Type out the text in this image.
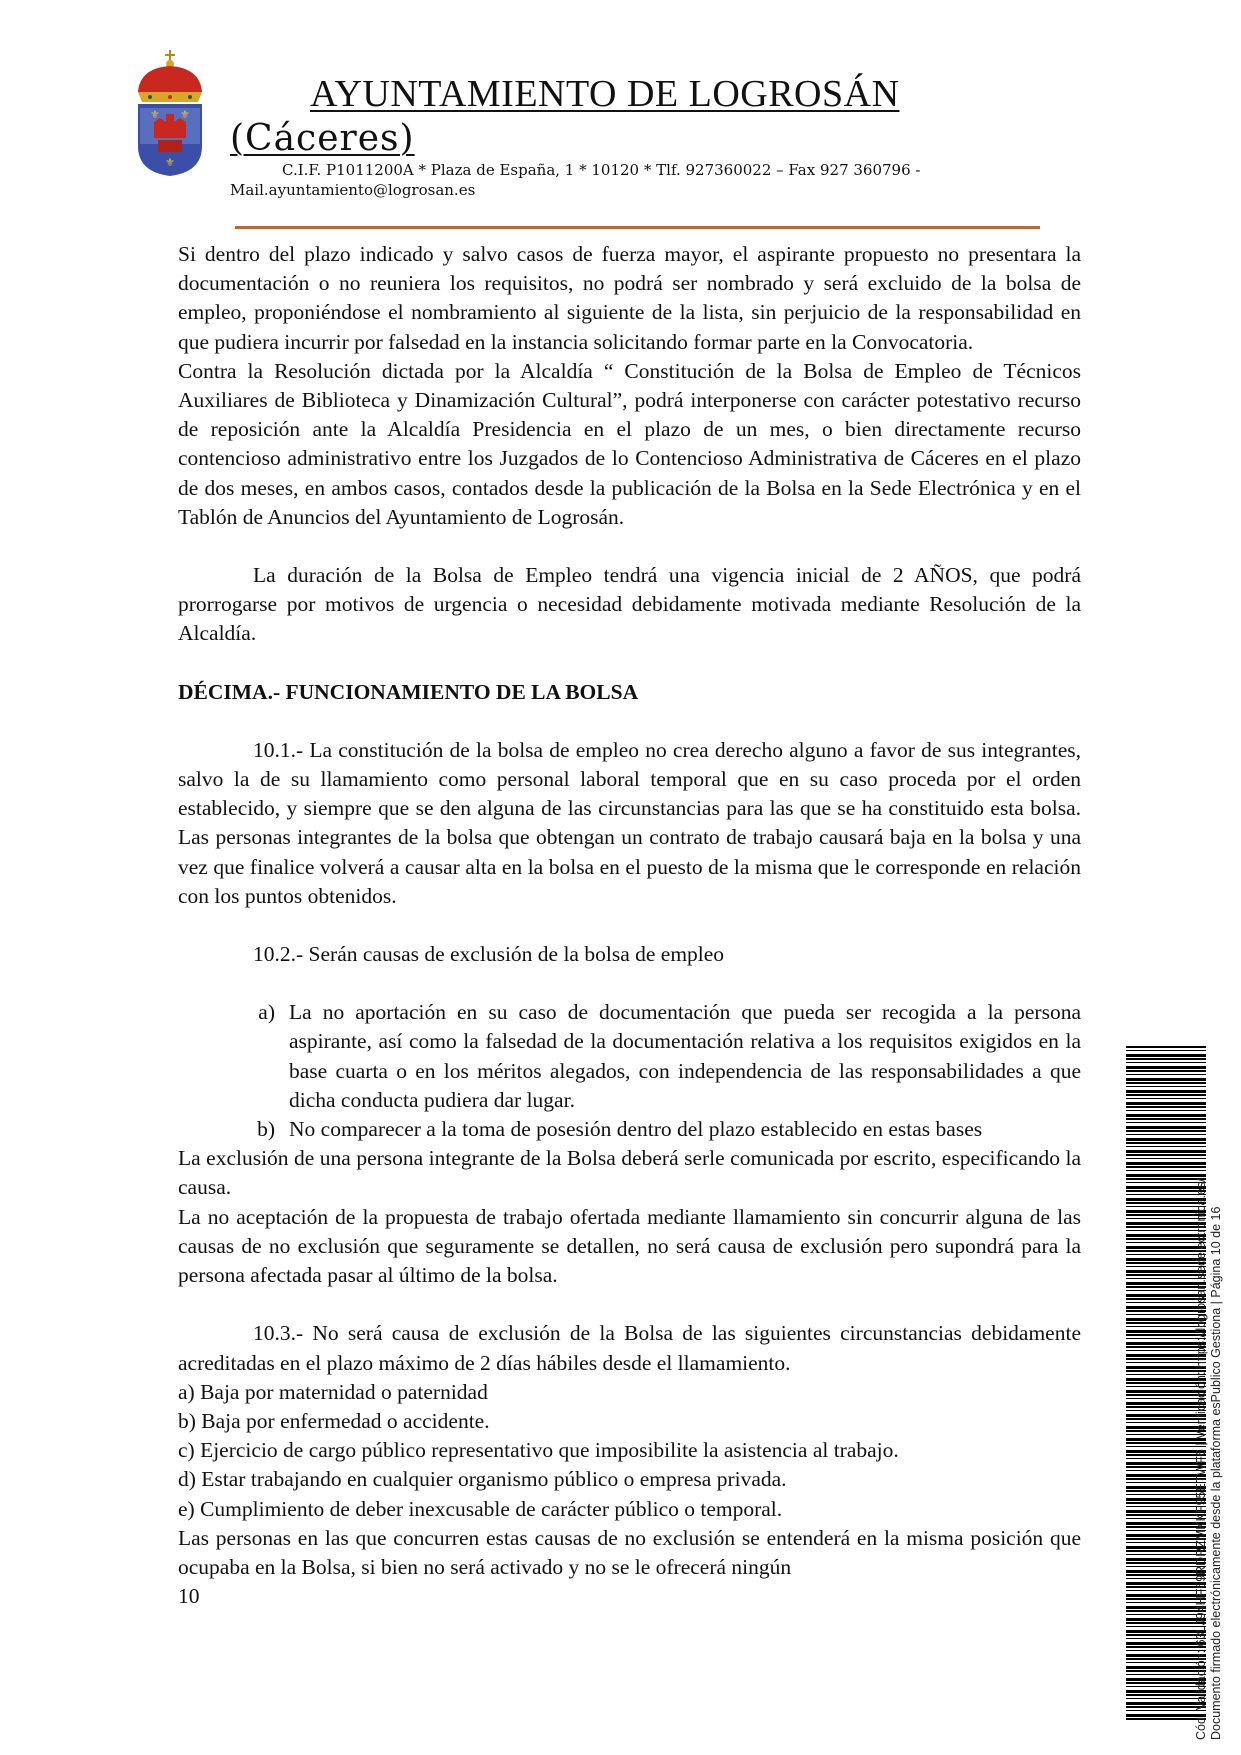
⚜ ⚜
⚜
AYUNTAMIENTO DE LOGROSÁN
(Cáceres)
C.I.F. P1011200A * Plaza de España, 1 * 10120 * Tlf. 927360022 – Fax 927 360796 -
Mail.ayuntamiento@logrosan.es

Si dentro del plazo indicado y salvo casos de fuerza mayor, el aspirante propuesto no presentara la documentación o no reuniera los requisitos, no podrá ser nombrado y será excluido de la bolsa de empleo, proponiéndose el nombramiento al siguiente de la lista, sin perjuicio de la responsabilidad en que pudiera incurrir por falsedad en la instancia solicitando formar parte en la Convocatoria.

Contra la Resolución dictada por la Alcaldía “ Constitución de la Bolsa de Empleo de Técnicos Auxiliares de Biblioteca y Dinamización Cultural”, podrá interponerse con carácter potestativo recurso de reposición ante la Alcaldía Presidencia en el plazo de un mes, o bien directamente recurso contencioso administrativo entre los Juzgados de lo Contencioso Administrativa de Cáceres en el plazo de dos meses, en ambos casos, contados desde la publicación de la Bolsa en la Sede Electrónica y en el Tablón de Anuncios del Ayuntamiento de Logrosán.

La duración de la Bolsa de Empleo tendrá una vigencia inicial de 2 AÑOS, que podrá prorrogarse por motivos de urgencia o necesidad debidamente motivada mediante Resolución de la Alcaldía.

DÉCIMA.- FUNCIONAMIENTO DE LA BOLSA

10.1.- La constitución de la bolsa de empleo no crea derecho alguno a favor de sus integrantes, salvo la de su llamamiento como personal laboral temporal que en su caso proceda por el orden establecido, y siempre que se den alguna de las circunstancias para las que se ha constituido esta bolsa. Las personas integrantes de la bolsa que obtengan un contrato de trabajo causará baja en la bolsa y una vez que finalice volverá a causar alta en la bolsa en el puesto de la misma que le corresponde en relación con los puntos obtenidos.

10.2.- Serán causas de exclusión de la bolsa de empleo

a) La no aportación en su caso de documentación que pueda ser recogida a la persona aspirante, así como la falsedad de la documentación relativa a los requisitos exigidos en la base cuarta o en los méritos alegados, con independencia de las responsabilidades a que dicha conducta pudiera dar lugar.
b) No comparecer a la toma de posesión dentro del plazo establecido en estas bases

La exclusión de una persona integrante de la Bolsa deberá serle comunicada por escrito, especificando la causa.

La no aceptación de la propuesta de trabajo ofertada mediante llamamiento sin concurrir alguna de las causas de no exclusión que seguramente se detallen, no será causa de exclusión pero supondrá para la persona afectada pasar al último de la bolsa.

10.3.- No será causa de exclusión de la Bolsa de las siguientes circunstancias debidamente acreditadas en el plazo máximo de 2 días hábiles desde el llamamiento.

a) Baja por maternidad o paternidad

b) Baja por enfermedad o accidente.

c) Ejercicio de cargo público representativo que imposibilite la asistencia al trabajo.

d) Estar trabajando en cualquier organismo público o empresa privada.

e) Cumplimiento de deber inexcusable de carácter público o temporal.

Las personas en las que concurren estas causas de no exclusión se entenderá en la misma posición que ocupaba en la Bolsa, si bien no será activado y no se le ofrecerá ningún

10	Cód. Validación: 63LJ94HF69RDRZMKKF95ETWF6 | Verificación: https://logrosan.sedelectronica.es/ Documento firmado electrónicamente desde la plataforma esPublico Gestiona | Página 10 de 16
